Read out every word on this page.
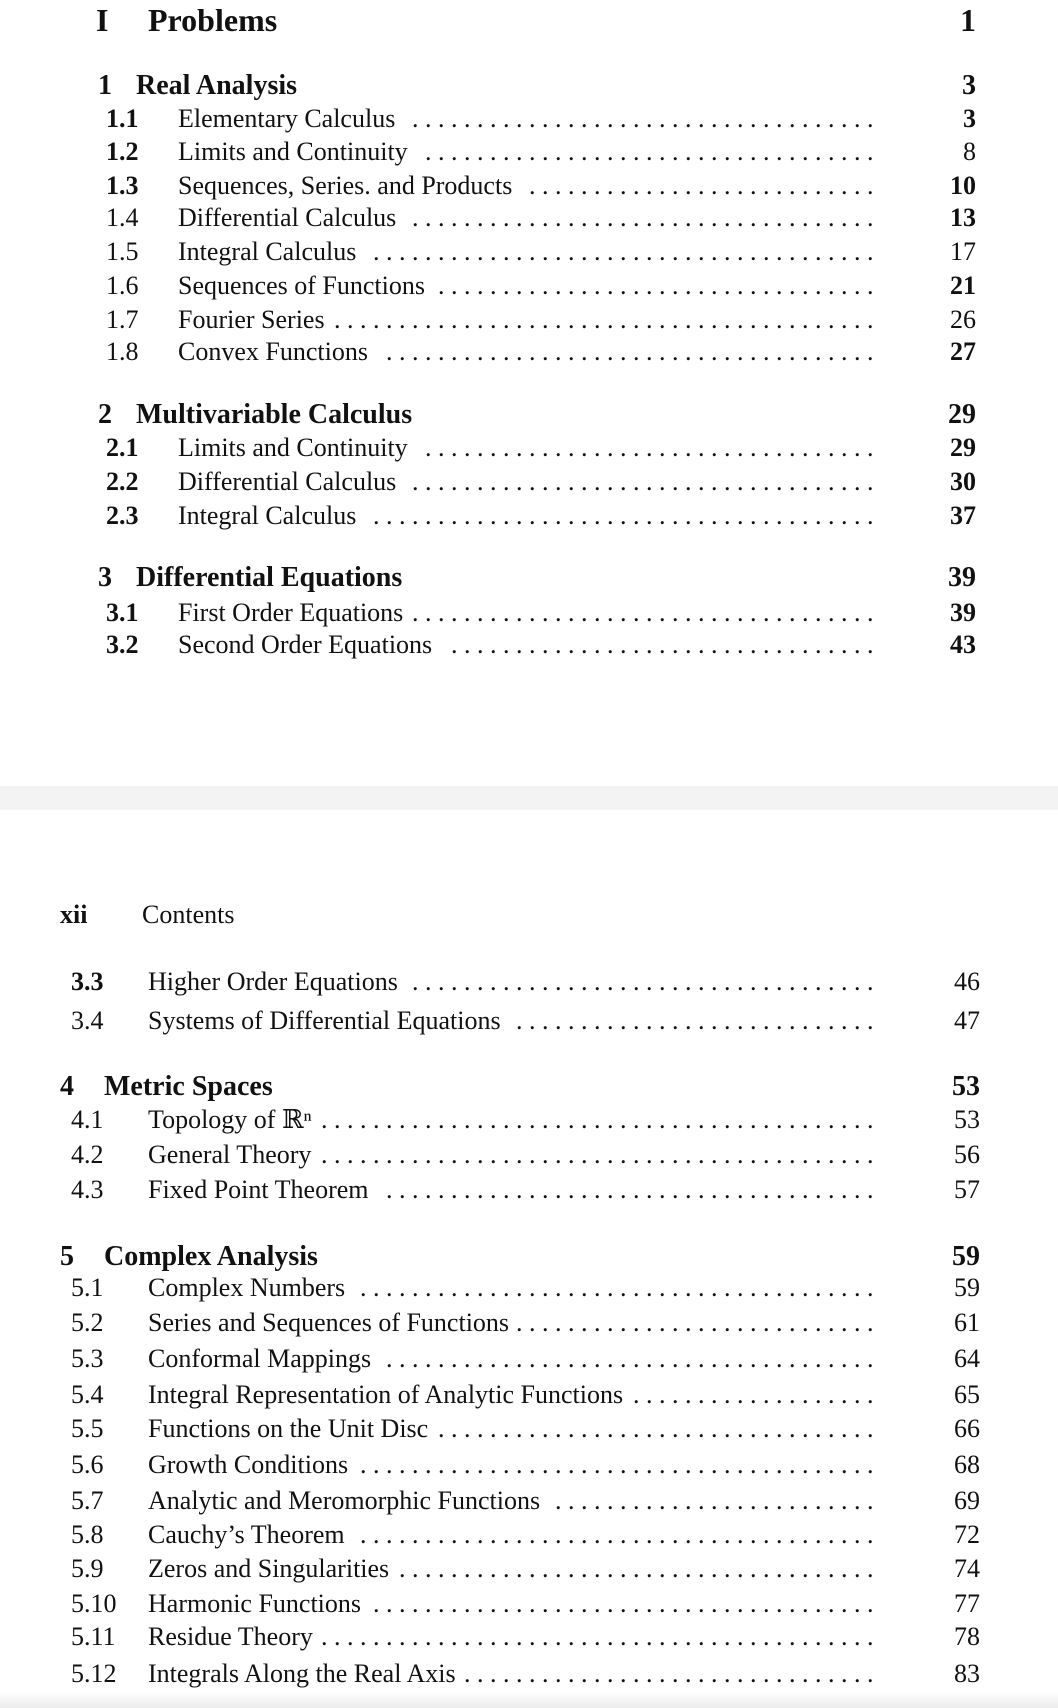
I Problems	1
xii Contents
1 Real Analysis	3
1.1 Elementary Calculus	3
. . . . . . . . . . . . . . . . . . . . . . . . . . . . . . . . . . . .
1.2 Limits and Continuity	8
. . . . . . . . . . . . . . . . . . . . . . . . . . . . . . . . . . .
1.3 Sequences, Series. and Products	10
. . . . . . . . . . . . . . . . . . . . . . . . . . .
1.4 Differential Calculus	13
. . . . . . . . . . . . . . . . . . . . . . . . . . . . . . . . . . . .
1.5 Integral Calculus	17
. . . . . . . . . . . . . . . . . . . . . . . . . . . . . . . . . . . . . . .
1.6 Sequences of Functions	21
. . . . . . . . . . . . . . . . . . . . . . . . . . . . . . . . . .
1.7 Fourier Series	26
. . . . . . . . . . . . . . . . . . . . . . . . . . . . . . . . . . . . . . . . . .
1.8 Convex Functions	27
. . . . . . . . . . . . . . . . . . . . . . . . . . . . . . . . . . . . . .
2 Multivariable Calculus	29
2.1 Limits and Continuity	29
. . . . . . . . . . . . . . . . . . . . . . . . . . . . . . . . . . .
2.2 Differential Calculus	30
. . . . . . . . . . . . . . . . . . . . . . . . . . . . . . . . . . . .
2.3 Integral Calculus	37
. . . . . . . . . . . . . . . . . . . . . . . . . . . . . . . . . . . . . . .
3 Differential Equations	39
3.1 First Order Equations	39
. . . . . . . . . . . . . . . . . . . . . . . . . . . . . . . . . . . .
3.2 Second Order Equations	43
. . . . . . . . . . . . . . . . . . . . . . . . . . . . . . . . .
3.3 Higher Order Equations	46
. . . . . . . . . . . . . . . . . . . . . . . . . . . . . . . . . . . .
3.4 Systems of Differential Equations	47
. . . . . . . . . . . . . . . . . . . . . . . . . . . .
4 Metric Spaces	53
4.1 Topology of ℝⁿ	53
. . . . . . . . . . . . . . . . . . . . . . . . . . . . . . . . . . . . . . . . . . .
4.2 General Theory	56
. . . . . . . . . . . . . . . . . . . . . . . . . . . . . . . . . . . . . . . . . . .
4.3 Fixed Point Theorem	57
. . . . . . . . . . . . . . . . . . . . . . . . . . . . . . . . . . . . . .
5 Complex Analysis	59
5.1 Complex Numbers	59
. . . . . . . . . . . . . . . . . . . . . . . . . . . . . . . . . . . . . . . .
5.2 Series and Sequences of Functions	61
. . . . . . . . . . . . . . . . . . . . . . . . . . . .
5.3 Conformal Mappings	64
. . . . . . . . . . . . . . . . . . . . . . . . . . . . . . . . . . . . . .
5.4 Integral Representation of Analytic Functions	65
. . . . . . . . . . . . . . . . . . .
5.5 Functions on the Unit Disc	66
. . . . . . . . . . . . . . . . . . . . . . . . . . . . . . . . . .
5.6 Growth Conditions	68
. . . . . . . . . . . . . . . . . . . . . . . . . . . . . . . . . . . . . . . .
5.7 Analytic and Meromorphic Functions	69
. . . . . . . . . . . . . . . . . . . . . . . . .
5.8 Cauchy’s Theorem	72
. . . . . . . . . . . . . . . . . . . . . . . . . . . . . . . . . . . . . . . .
5.9 Zeros and Singularities	74
. . . . . . . . . . . . . . . . . . . . . . . . . . . . . . . . . . . . .
5.10 Harmonic Functions	77
. . . . . . . . . . . . . . . . . . . . . . . . . . . . . . . . . . . . . . .
5.11 Residue Theory	78
. . . . . . . . . . . . . . . . . . . . . . . . . . . . . . . . . . . . . . . . . . .
5.12 Integrals Along the Real Axis	83
. . . . . . . . . . . . . . . . . . . . . . . . . . . . . . . .
